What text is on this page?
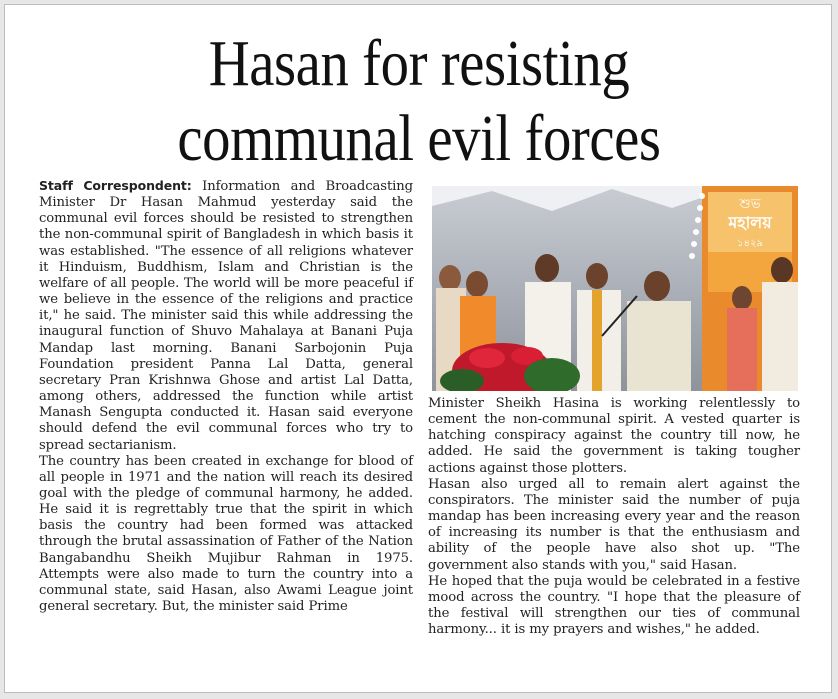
Hasan for resisting
communal evil forces

Staff Correspondent: Information and Broadcasting Minister Dr Hasan Mahmud yesterday said the communal evil forces should be resisted to strengthen the non-communal spirit of Bangladesh in which basis it was established. "The essence of all religions whatever it Hinduism, Buddhism, Islam and Christian is the welfare of all people. The world will be more peaceful if we believe in the essence of the religions and practice it," he said. The minister said this while addressing the inaugural function of Shuvo Mahalaya at Banani Puja Mandap last morning. Banani Sarbojonin Puja Foundation president Panna Lal Datta, general secretary Pran Krishnwa Ghose and artist Lal Datta, among others, addressed the function while artist Manash Sengupta conducted it. Hasan said everyone should defend the evil communal forces who try to spread sectarianism.

The country has been created in exchange for blood of all people in 1971 and the nation will reach its desired goal with the pledge of communal harmony, he added. He said it is regrettably true that the spirit in which basis the country had been formed was attacked through the brutal assassination of Father of the Nation Bangabandhu Sheikh Mujibur Rahman in 1975. Attempts were also made to turn the country into a communal state, said Hasan, also Awami League joint general secretary. But, the minister said Prime

শুভ
মহালয়
১৪২৯

Minister Sheikh Hasina is working relentlessly to cement the non-communal spirit. A vested quarter is hatching conspiracy against the country till now, he added. He said the government is taking tougher actions against those plotters.

Hasan also urged all to remain alert against the conspirators. The minister said the number of puja mandap has been increasing every year and the reason of increasing its number is that the enthusiasm and ability of the people have also shot up. "The government also stands with you," said Hasan.

He hoped that the puja would be celebrated in a festive mood across the country. "I hope that the pleasure of the festival will strengthen our ties of communal harmony... it is my prayers and wishes," he added.
